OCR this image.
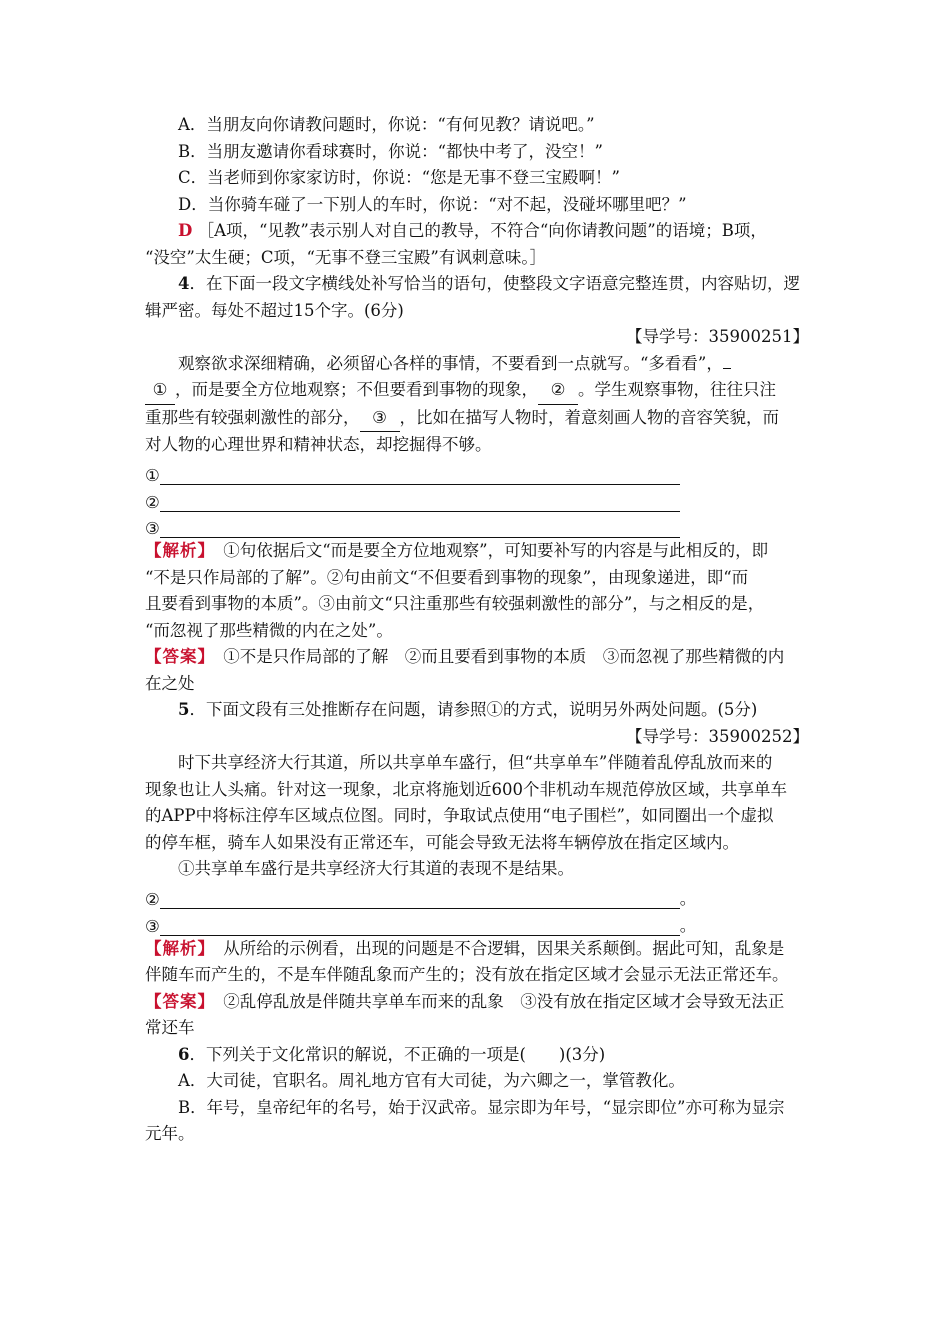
A．当朋友向你请教问题时，你说：“有何见教？请说吧。”
B．当朋友邀请你看球赛时，你说：“都快中考了，没空！”
C．当老师到你家家访时，你说：“您是无事不登三宝殿啊！”
D．当你骑车碰了一下别人的车时，你说：“对不起，没碰坏哪里吧？”
D ［A项，“见教”表示别人对自己的教导，不符合“向你请教问题”的语境；B项，
“没空”太生硬；C项，“无事不登三宝殿”有讽刺意味。］
4．在下面一段文字横线处补写恰当的语句，使整段文字语意完整连贯，内容贴切，逻
辑严密。每处不超过15个字。(6分)
【导学号：35900251】
观察欲求深细精确，必须留心各样的事情，不要看到一点就写。“多看看”，
① ，而是要全方位地观察；不但要看到事物的现象， ② 。学生观察事物，往往只注
重那些有较强刺激性的部分， ③ ，比如在描写人物时，着意刻画人物的音容笑貌，而
对人物的心理世界和精神状态，却挖掘得不够。
①
②
③
【解析】　 ①句依据后文“而是要全方位地观察”，可知要补写的内容是与此相反的，即
“不是只作局部的了解”。②句由前文“不但要看到事物的现象”，由现象递进，即“而
且要看到事物的本质”。③由前文“只注重那些有较强刺激性的部分”，与之相反的是，
“而忽视了那些精微的内在之处”。
【答案】　 ①不是只作局部的了解　②而且要看到事物的本质　③而忽视了那些精微的内
在之处
5．下面文段有三处推断存在问题，请参照①的方式，说明另外两处问题。(5分)
【导学号：35900252】
时下共享经济大行其道，所以共享单车盛行，但“共享单车”伴随着乱停乱放而来的
现象也让人头痛。针对这一现象，北京将施划近600个非机动车规范停放区域，共享单车
的APP中将标注停车区域点位图。同时，争取试点使用“电子围栏”，如同圈出一个虚拟
的停车框，骑车人如果没有正常还车，可能会导致无法将车辆停放在指定区域内。
①共享单车盛行是共享经济大行其道的表现不是结果。
②	。
③	。
【解析】　 从所给的示例看，出现的问题是不合逻辑，因果关系颠倒。据此可知，乱象是
伴随车而产生的，不是车伴随乱象而产生的；没有放在指定区域才会显示无法正常还车。
【答案】　 ②乱停乱放是伴随共享单车而来的乱象　③没有放在指定区域才会导致无法正
常还车
6．下列关于文化常识的解说，不正确的一项是(　　)(3分)
A．大司徒，官职名。周礼地方官有大司徒，为六卿之一，掌管教化。
B．年号，皇帝纪年的名号，始于汉武帝。显宗即为年号，“显宗即位”亦可称为显宗
元年。
